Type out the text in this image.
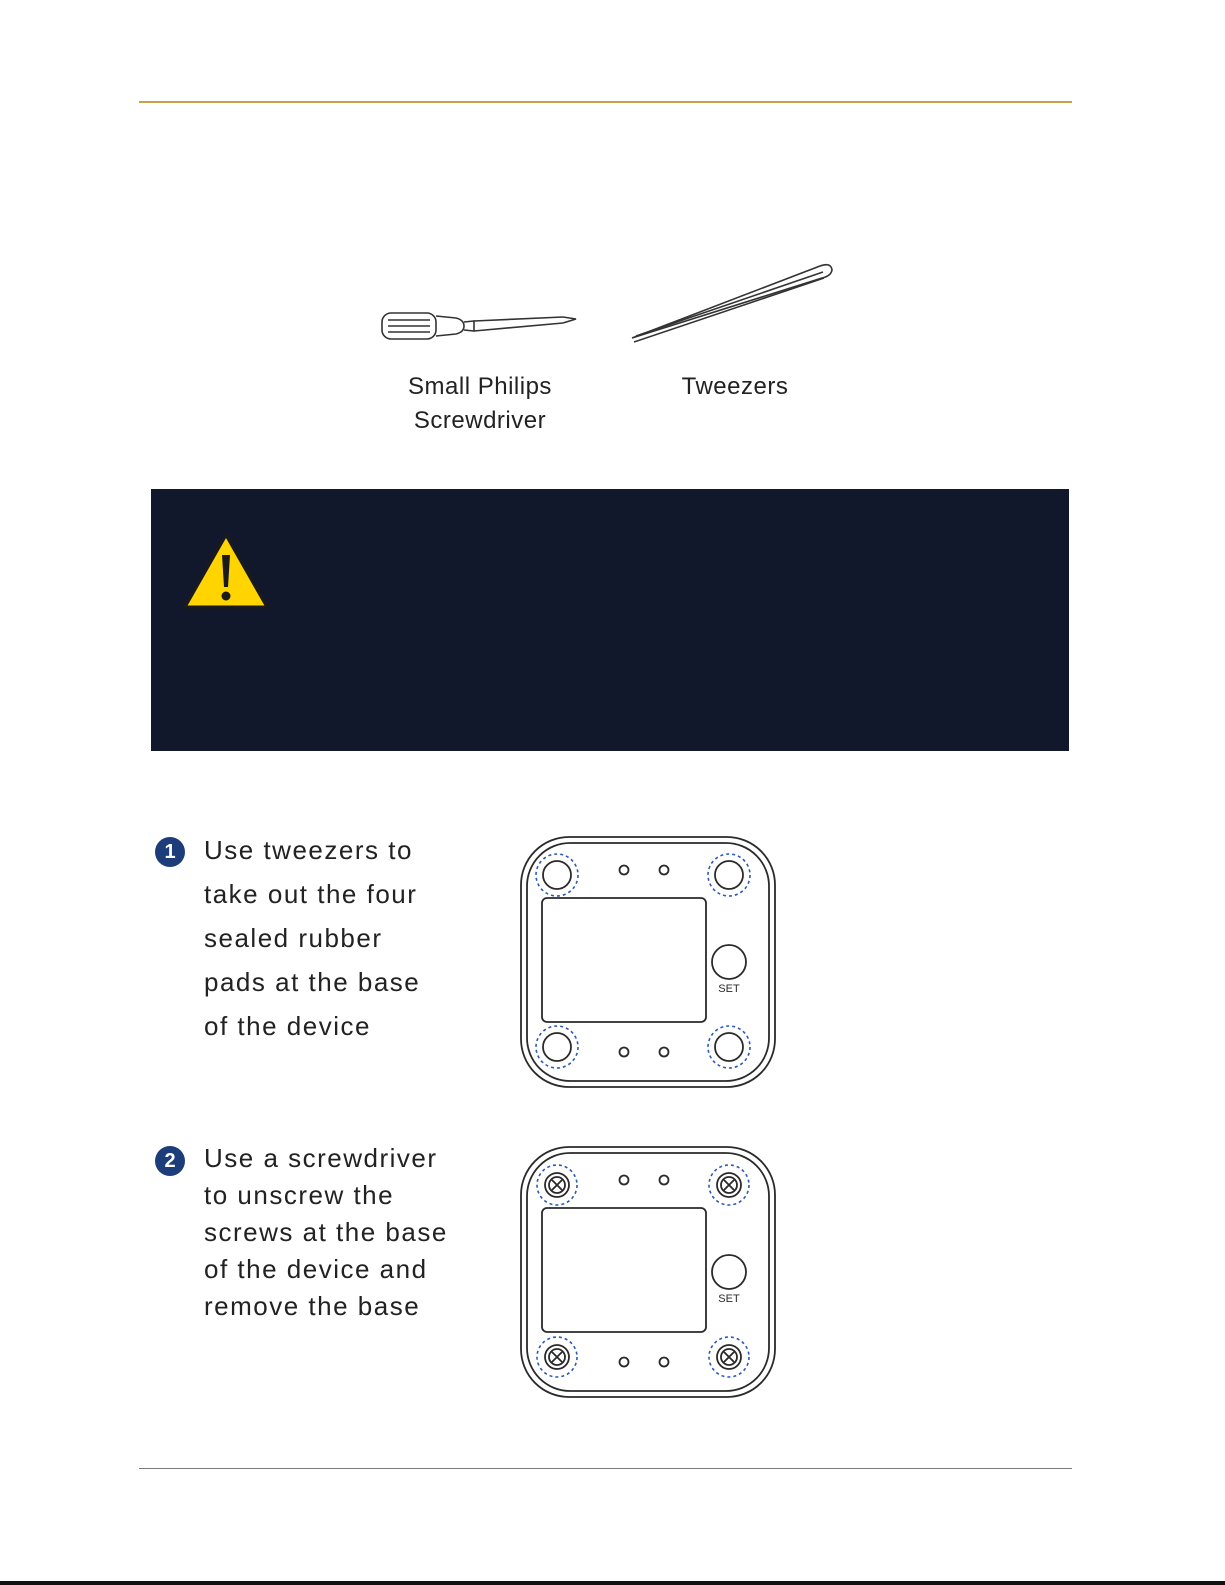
Small Philips
Screwdriver
Tweezers
1	Use tweezers to
take out the four
sealed rubber
pads at the base
of the device
SET
2	Use a screwdriver
to unscrew the
screws at the base
of the device and
remove the base	SET
